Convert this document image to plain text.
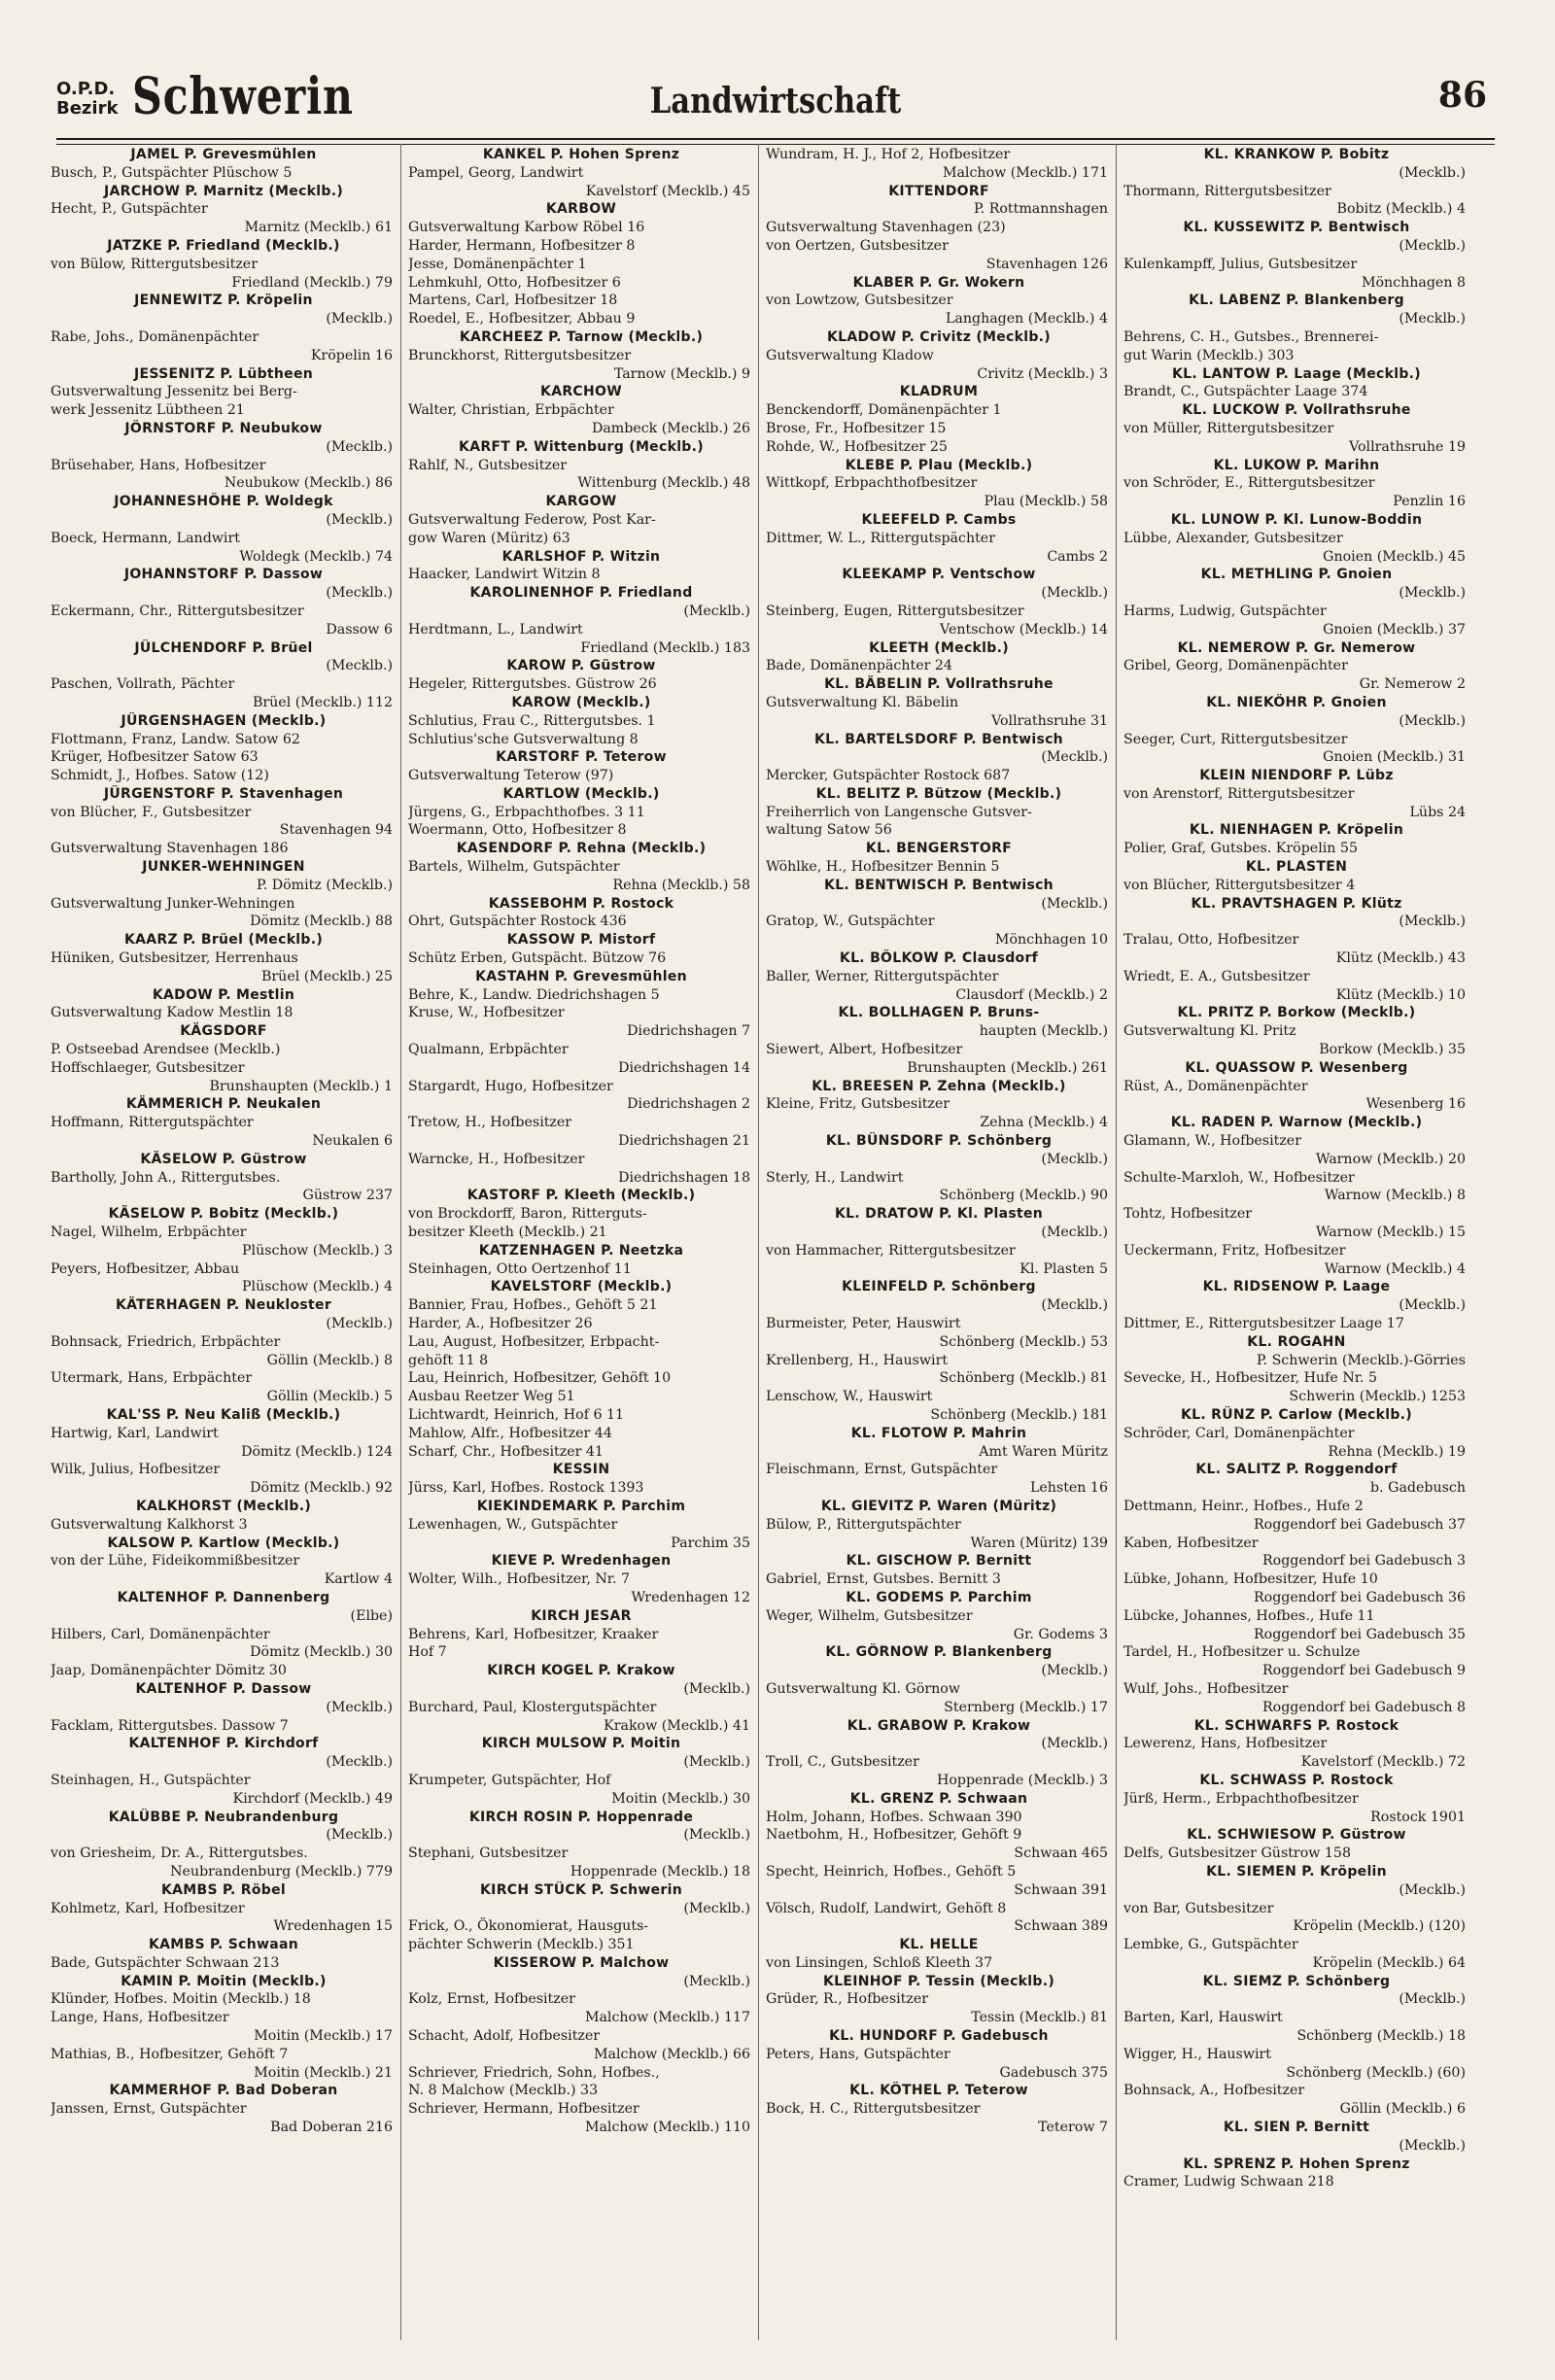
O.P.D.
Bezirk Schwerin	Landwirtschaft	86
JAMEL P. Grevesmühlen
Busch, P., Gutspächter Plüschow 5
JARCHOW P. Marnitz (Mecklb.)
Hecht, P., Gutspächter
Marnitz (Mecklb.) 61
JATZKE P. Friedland (Mecklb.)
von Bülow, Rittergutsbesitzer
Friedland (Mecklb.) 79
JENNEWITZ P. Kröpelin
(Mecklb.)
Rabe, Johs., Domänenpächter
Kröpelin 16
JESSENITZ P. Lübtheen
Gutsverwaltung Jessenitz bei Berg-
werk Jessenitz Lübtheen 21
JÖRNSTORF P. Neubukow
(Mecklb.)
Brüsehaber, Hans, Hofbesitzer
Neubukow (Mecklb.) 86
JOHANNESHÖHE P. Woldegk
(Mecklb.)
Boeck, Hermann, Landwirt
Woldegk (Mecklb.) 74
JOHANNSTORF P. Dassow
(Mecklb.)
Eckermann, Chr., Rittergutsbesitzer
Dassow 6
JÜLCHENDORF P. Brüel
(Mecklb.)
Paschen, Vollrath, Pächter
Brüel (Mecklb.) 112
JÜRGENSHAGEN (Mecklb.)
Flottmann, Franz, Landw. Satow 62
Krüger, Hofbesitzer Satow 63
Schmidt, J., Hofbes. Satow (12)
JÜRGENSTORF P. Stavenhagen
von Blücher, F., Gutsbesitzer
Stavenhagen 94
Gutsverwaltung Stavenhagen 186
JUNKER-WEHNINGEN
P. Dömitz (Mecklb.)
Gutsverwaltung Junker-Wehningen
Dömitz (Mecklb.) 88
KAARZ P. Brüel (Mecklb.)
Hüniken, Gutsbesitzer, Herrenhaus
Brüel (Mecklb.) 25
KADOW P. Mestlin
Gutsverwaltung Kadow Mestlin 18
KÄGSDORF
P. Ostseebad Arendsee (Mecklb.)
Hoffschlaeger, Gutsbesitzer
Brunshaupten (Mecklb.) 1
KÄMMERICH P. Neukalen
Hoffmann, Rittergutspächter
Neukalen 6
KÄSELOW P. Güstrow
Bartholly, John A., Rittergutsbes.
Güstrow 237
KÄSELOW P. Bobitz (Mecklb.)
Nagel, Wilhelm, Erbpächter
Plüschow (Mecklb.) 3
Peyers, Hofbesitzer, Abbau
Plüschow (Mecklb.) 4
KÄTERHAGEN P. Neukloster
(Mecklb.)
Bohnsack, Friedrich, Erbpächter
Göllin (Mecklb.) 8
Utermark, Hans, Erbpächter
Göllin (Mecklb.) 5
KAL'SS P. Neu Kaliß (Mecklb.)
Hartwig, Karl, Landwirt
Dömitz (Mecklb.) 124
Wilk, Julius, Hofbesitzer
Dömitz (Mecklb.) 92
KALKHORST (Mecklb.)
Gutsverwaltung Kalkhorst 3
KALSOW P. Kartlow (Mecklb.)
von der Lühe, Fideikommißbesitzer
Kartlow 4
KALTENHOF P. Dannenberg
(Elbe)
Hilbers, Carl, Domänenpächter
Dömitz (Mecklb.) 30
Jaap, Domänenpächter Dömitz 30
KALTENHOF P. Dassow
(Mecklb.)
Facklam, Rittergutsbes. Dassow 7
KALTENHOF P. Kirchdorf
(Mecklb.)
Steinhagen, H., Gutspächter
Kirchdorf (Mecklb.) 49
KALÜBBE P. Neubrandenburg
(Mecklb.)
von Griesheim, Dr. A., Rittergutsbes.
Neubrandenburg (Mecklb.) 779
KAMBS P. Röbel
Kohlmetz, Karl, Hofbesitzer
Wredenhagen 15
KAMBS P. Schwaan
Bade, Gutspächter Schwaan 213
KAMIN P. Moitin (Mecklb.)
Klünder, Hofbes. Moitin (Mecklb.) 18
Lange, Hans, Hofbesitzer
Moitin (Mecklb.) 17
Mathias, B., Hofbesitzer, Gehöft 7
Moitin (Mecklb.) 21
KAMMERHOF P. Bad Doberan
Janssen, Ernst, Gutspächter
Bad Doberan 216
KANKEL P. Hohen Sprenz
Pampel, Georg, Landwirt
Kavelstorf (Mecklb.) 45
KARBOW
Gutsverwaltung Karbow Röbel 16
Harder, Hermann, Hofbesitzer 8
Jesse, Domänenpächter 1
Lehmkuhl, Otto, Hofbesitzer 6
Martens, Carl, Hofbesitzer 18
Roedel, E., Hofbesitzer, Abbau 9
KARCHEEZ P. Tarnow (Mecklb.)
Brunckhorst, Rittergutsbesitzer
Tarnow (Mecklb.) 9
KARCHOW
Walter, Christian, Erbpächter
Dambeck (Mecklb.) 26
KARFT P. Wittenburg (Mecklb.)
Rahlf, N., Gutsbesitzer
Wittenburg (Mecklb.) 48
KARGOW
Gutsverwaltung Federow, Post Kar-
gow Waren (Müritz) 63
KARLSHOF P. Witzin
Haacker, Landwirt Witzin 8
KAROLINENHOF P. Friedland
(Mecklb.)
Herdtmann, L., Landwirt
Friedland (Mecklb.) 183
KAROW P. Güstrow
Hegeler, Rittergutsbes. Güstrow 26
KAROW (Mecklb.)
Schlutius, Frau C., Rittergutsbes. 1
Schlutius'sche Gutsverwaltung 8
KARSTORF P. Teterow
Gutsverwaltung Teterow (97)
KARTLOW (Mecklb.)
Jürgens, G., Erbpachthofbes. 3 11
Woermann, Otto, Hofbesitzer 8
KASENDORF P. Rehna (Mecklb.)
Bartels, Wilhelm, Gutspächter
Rehna (Mecklb.) 58
KASSEBOHM P. Rostock
Ohrt, Gutspächter Rostock 436
KASSOW P. Mistorf
Schütz Erben, Gutspächt. Bützow 76
KASTAHN P. Grevesmühlen
Behre, K., Landw. Diedrichshagen 5
Kruse, W., Hofbesitzer
Diedrichshagen 7
Qualmann, Erbpächter
Diedrichshagen 14
Stargardt, Hugo, Hofbesitzer
Diedrichshagen 2
Tretow, H., Hofbesitzer
Diedrichshagen 21
Warncke, H., Hofbesitzer
Diedrichshagen 18
KASTORF P. Kleeth (Mecklb.)
von Brockdorff, Baron, Ritterguts-
besitzer Kleeth (Mecklb.) 21
KATZENHAGEN P. Neetzka
Steinhagen, Otto Oertzenhof 11
KAVELSTORF (Mecklb.)
Bannier, Frau, Hofbes., Gehöft 5 21
Harder, A., Hofbesitzer 26
Lau, August, Hofbesitzer, Erbpacht-
gehöft 11 8
Lau, Heinrich, Hofbesitzer, Gehöft 10
Ausbau Reetzer Weg 51
Lichtwardt, Heinrich, Hof 6 11
Mahlow, Alfr., Hofbesitzer 44
Scharf, Chr., Hofbesitzer 41
KESSIN
Jürss, Karl, Hofbes. Rostock 1393
KIEKINDEMARK P. Parchim
Lewenhagen, W., Gutspächter
Parchim 35
KIEVE P. Wredenhagen
Wolter, Wilh., Hofbesitzer, Nr. 7
Wredenhagen 12
KIRCH JESAR
Behrens, Karl, Hofbesitzer, Kraaker
Hof 7
KIRCH KOGEL P. Krakow
(Mecklb.)
Burchard, Paul, Klostergutspächter
Krakow (Mecklb.) 41
KIRCH MULSOW P. Moitin
(Mecklb.)
Krumpeter, Gutspächter, Hof
Moitin (Mecklb.) 30
KIRCH ROSIN P. Hoppenrade
(Mecklb.)
Stephani, Gutsbesitzer
Hoppenrade (Mecklb.) 18
KIRCH STÜCK P. Schwerin
(Mecklb.)
Frick, O., Ökonomierat, Hausguts-
pächter Schwerin (Mecklb.) 351
KISSEROW P. Malchow
(Mecklb.)
Kolz, Ernst, Hofbesitzer
Malchow (Mecklb.) 117
Schacht, Adolf, Hofbesitzer
Malchow (Mecklb.) 66
Schriever, Friedrich, Sohn, Hofbes.,
N. 8 Malchow (Mecklb.) 33
Schriever, Hermann, Hofbesitzer
Malchow (Mecklb.) 110
Wundram, H. J., Hof 2, Hofbesitzer
Malchow (Mecklb.) 171
KITTENDORF
P. Rottmannshagen
Gutsverwaltung Stavenhagen (23)
von Oertzen, Gutsbesitzer
Stavenhagen 126
KLABER P. Gr. Wokern
von Lowtzow, Gutsbesitzer
Langhagen (Mecklb.) 4
KLADOW P. Crivitz (Mecklb.)
Gutsverwaltung Kladow
Crivitz (Mecklb.) 3
KLADRUM
Benckendorff, Domänenpächter 1
Brose, Fr., Hofbesitzer 15
Rohde, W., Hofbesitzer 25
KLEBE P. Plau (Mecklb.)
Wittkopf, Erbpachthofbesitzer
Plau (Mecklb.) 58
KLEEFELD P. Cambs
Dittmer, W. L., Rittergutspächter
Cambs 2
KLEEKAMP P. Ventschow
(Mecklb.)
Steinberg, Eugen, Rittergutsbesitzer
Ventschow (Mecklb.) 14
KLEETH (Mecklb.)
Bade, Domänenpächter 24
KL. BÄBELIN P. Vollrathsruhe
Gutsverwaltung Kl. Bäbelin
Vollrathsruhe 31
KL. BARTELSDORF P. Bentwisch
(Mecklb.)
Mercker, Gutspächter Rostock 687
KL. BELITZ P. Bützow (Mecklb.)
Freiherrlich von Langensche Gutsver-
waltung Satow 56
KL. BENGERSTORF
Wöhlke, H., Hofbesitzer Bennin 5
KL. BENTWISCH P. Bentwisch
(Mecklb.)
Gratop, W., Gutspächter
Mönchhagen 10
KL. BÖLKOW P. Clausdorf
Baller, Werner, Rittergutspächter
Clausdorf (Mecklb.) 2
KL. BOLLHAGEN P. Bruns-
haupten (Mecklb.)
Siewert, Albert, Hofbesitzer
Brunshaupten (Mecklb.) 261
KL. BREESEN P. Zehna (Mecklb.)
Kleine, Fritz, Gutsbesitzer
Zehna (Mecklb.) 4
KL. BÜNSDORF P. Schönberg
(Mecklb.)
Sterly, H., Landwirt
Schönberg (Mecklb.) 90
KL. DRATOW P. Kl. Plasten
(Mecklb.)
von Hammacher, Rittergutsbesitzer
Kl. Plasten 5
KLEINFELD P. Schönberg
(Mecklb.)
Burmeister, Peter, Hauswirt
Schönberg (Mecklb.) 53
Krellenberg, H., Hauswirt
Schönberg (Mecklb.) 81
Lenschow, W., Hauswirt
Schönberg (Mecklb.) 181
KL. FLOTOW P. Mahrin
Amt Waren Müritz
Fleischmann, Ernst, Gutspächter
Lehsten 16
KL. GIEVITZ P. Waren (Müritz)
Bülow, P., Rittergutspächter
Waren (Müritz) 139
KL. GISCHOW P. Bernitt
Gabriel, Ernst, Gutsbes. Bernitt 3
KL. GODEMS P. Parchim
Weger, Wilhelm, Gutsbesitzer
Gr. Godems 3
KL. GÖRNOW P. Blankenberg
(Mecklb.)
Gutsverwaltung Kl. Görnow
Sternberg (Mecklb.) 17
KL. GRABOW P. Krakow
(Mecklb.)
Troll, C., Gutsbesitzer
Hoppenrade (Mecklb.) 3
KL. GRENZ P. Schwaan
Holm, Johann, Hofbes. Schwaan 390
Naetbohm, H., Hofbesitzer, Gehöft 9
Schwaan 465
Specht, Heinrich, Hofbes., Gehöft 5
Schwaan 391
Völsch, Rudolf, Landwirt, Gehöft 8
Schwaan 389
KL. HELLE
von Linsingen, Schloß Kleeth 37
KLEINHOF P. Tessin (Mecklb.)
Grüder, R., Hofbesitzer
Tessin (Mecklb.) 81
KL. HUNDORF P. Gadebusch
Peters, Hans, Gutspächter
Gadebusch 375
KL. KÖTHEL P. Teterow
Bock, H. C., Rittergutsbesitzer
Teterow 7
KL. KRANKOW P. Bobitz
(Mecklb.)
Thormann, Rittergutsbesitzer
Bobitz (Mecklb.) 4
KL. KUSSEWITZ P. Bentwisch
(Mecklb.)
Kulenkampff, Julius, Gutsbesitzer
Mönchhagen 8
KL. LABENZ P. Blankenberg
(Mecklb.)
Behrens, C. H., Gutsbes., Brennerei-
gut Warin (Mecklb.) 303
KL. LANTOW P. Laage (Mecklb.)
Brandt, C., Gutspächter Laage 374
KL. LUCKOW P. Vollrathsruhe
von Müller, Rittergutsbesitzer
Vollrathsruhe 19
KL. LUKOW P. Marihn
von Schröder, E., Rittergutsbesitzer
Penzlin 16
KL. LUNOW P. Kl. Lunow-Boddin
Lübbe, Alexander, Gutsbesitzer
Gnoien (Mecklb.) 45
KL. METHLING P. Gnoien
(Mecklb.)
Harms, Ludwig, Gutspächter
Gnoien (Mecklb.) 37
KL. NEMEROW P. Gr. Nemerow
Gribel, Georg, Domänenpächter
Gr. Nemerow 2
KL. NIEKÖHR P. Gnoien
(Mecklb.)
Seeger, Curt, Rittergutsbesitzer
Gnoien (Mecklb.) 31
KLEIN NIENDORF P. Lübz
von Arenstorf, Rittergutsbesitzer
Lübs 24
KL. NIENHAGEN P. Kröpelin
Polier, Graf, Gutsbes. Kröpelin 55
KL. PLASTEN
von Blücher, Rittergutsbesitzer 4
KL. PRAVTSHAGEN P. Klütz
(Mecklb.)
Tralau, Otto, Hofbesitzer
Klütz (Mecklb.) 43
Wriedt, E. A., Gutsbesitzer
Klütz (Mecklb.) 10
KL. PRITZ P. Borkow (Mecklb.)
Gutsverwaltung Kl. Pritz
Borkow (Mecklb.) 35
KL. QUASSOW P. Wesenberg
Rüst, A., Domänenpächter
Wesenberg 16
KL. RADEN P. Warnow (Mecklb.)
Glamann, W., Hofbesitzer
Warnow (Mecklb.) 20
Schulte-Marxloh, W., Hofbesitzer
Warnow (Mecklb.) 8
Tohtz, Hofbesitzer
Warnow (Mecklb.) 15
Ueckermann, Fritz, Hofbesitzer
Warnow (Mecklb.) 4
KL. RIDSENOW P. Laage
(Mecklb.)
Dittmer, E., Rittergutsbesitzer Laage 17
KL. ROGAHN
P. Schwerin (Mecklb.)-Görries
Sevecke, H., Hofbesitzer, Hufe Nr. 5
Schwerin (Mecklb.) 1253
KL. RÜNZ P. Carlow (Mecklb.)
Schröder, Carl, Domänenpächter
Rehna (Mecklb.) 19
KL. SALITZ P. Roggendorf
b. Gadebusch
Dettmann, Heinr., Hofbes., Hufe 2
Roggendorf bei Gadebusch 37
Kaben, Hofbesitzer
Roggendorf bei Gadebusch 3
Lübke, Johann, Hofbesitzer, Hufe 10
Roggendorf bei Gadebusch 36
Lübcke, Johannes, Hofbes., Hufe 11
Roggendorf bei Gadebusch 35
Tardel, H., Hofbesitzer u. Schulze
Roggendorf bei Gadebusch 9
Wulf, Johs., Hofbesitzer
Roggendorf bei Gadebusch 8
KL. SCHWARFS P. Rostock
Lewerenz, Hans, Hofbesitzer
Kavelstorf (Mecklb.) 72
KL. SCHWASS P. Rostock
Jürß, Herm., Erbpachthofbesitzer
Rostock 1901
KL. SCHWIESOW P. Güstrow
Delfs, Gutsbesitzer Güstrow 158
KL. SIEMEN P. Kröpelin
(Mecklb.)
von Bar, Gutsbesitzer
Kröpelin (Mecklb.) (120)
Lembke, G., Gutspächter
Kröpelin (Mecklb.) 64
KL. SIEMZ P. Schönberg
(Mecklb.)
Barten, Karl, Hauswirt
Schönberg (Mecklb.) 18
Wigger, H., Hauswirt
Schönberg (Mecklb.) (60)
Bohnsack, A., Hofbesitzer
Göllin (Mecklb.) 6
KL. SIEN P. Bernitt
(Mecklb.)
KL. SPRENZ P. Hohen Sprenz
Cramer, Ludwig Schwaan 218
